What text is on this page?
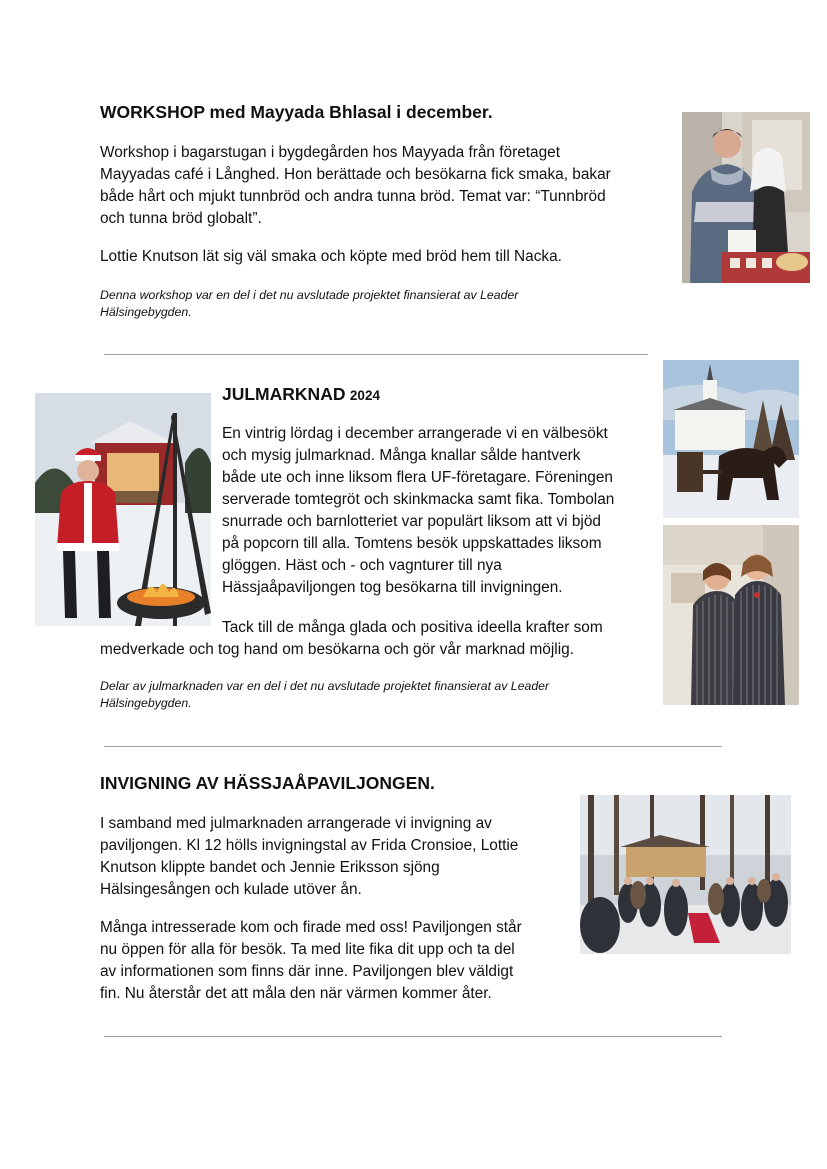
WORKSHOP med Mayyada Bhlasal i december.

Workshop i bagarstugan i bygdegården hos Mayyada från företaget

Mayyadas café i Långhed. Hon berättade och besökarna fick smaka, bakar

både hårt och mjukt tunnbröd och andra tunna bröd. Temat var: “Tunnbröd

och tunna bröd globalt”.

Lottie Knutson lät sig väl smaka och köpte med bröd hem till Nacka.

Denna workshop var en del i det nu avslutade projektet finansierat av Leader

Hälsingebygden.

JULMARKNAD 2024

En vintrig lördag i december arrangerade vi en välbesökt

och mysig julmarknad. Många knallar sålde hantverk

både ute och inne liksom flera UF-företagare. Föreningen

serverade tomtegröt och skinkmacka samt fika. Tombolan

snurrade och barnlotteriet var populärt liksom att vi bjöd

på popcorn till alla. Tomtens besök uppskattades liksom

glöggen. Häst och - och vagnturer till nya

Hässjaåpaviljongen tog besökarna till invigningen.

Tack till de många glada och positiva ideella krafter som

medverkade och tog hand om besökarna och gör vår marknad möjlig.

Delar av julmarknaden var en del i det nu avslutade projektet finansierat av Leader

Hälsingebygden.

INVIGNING AV HÄSSJAÅPAVILJONGEN.

I samband med julmarknaden arrangerade vi invigning av

paviljongen. Kl 12 hölls invigningstal av Frida Cronsioe, Lottie

Knutson klippte bandet och Jennie Eriksson sjöng

Hälsingesången och kulade utöver ån.

Många intresserade kom och firade med oss! Paviljongen står

nu öppen för alla för besök. Ta med lite fika dit upp och ta del

av informationen som finns där inne. Paviljongen blev väldigt

fin. Nu återstår det att måla den när värmen kommer åter.
